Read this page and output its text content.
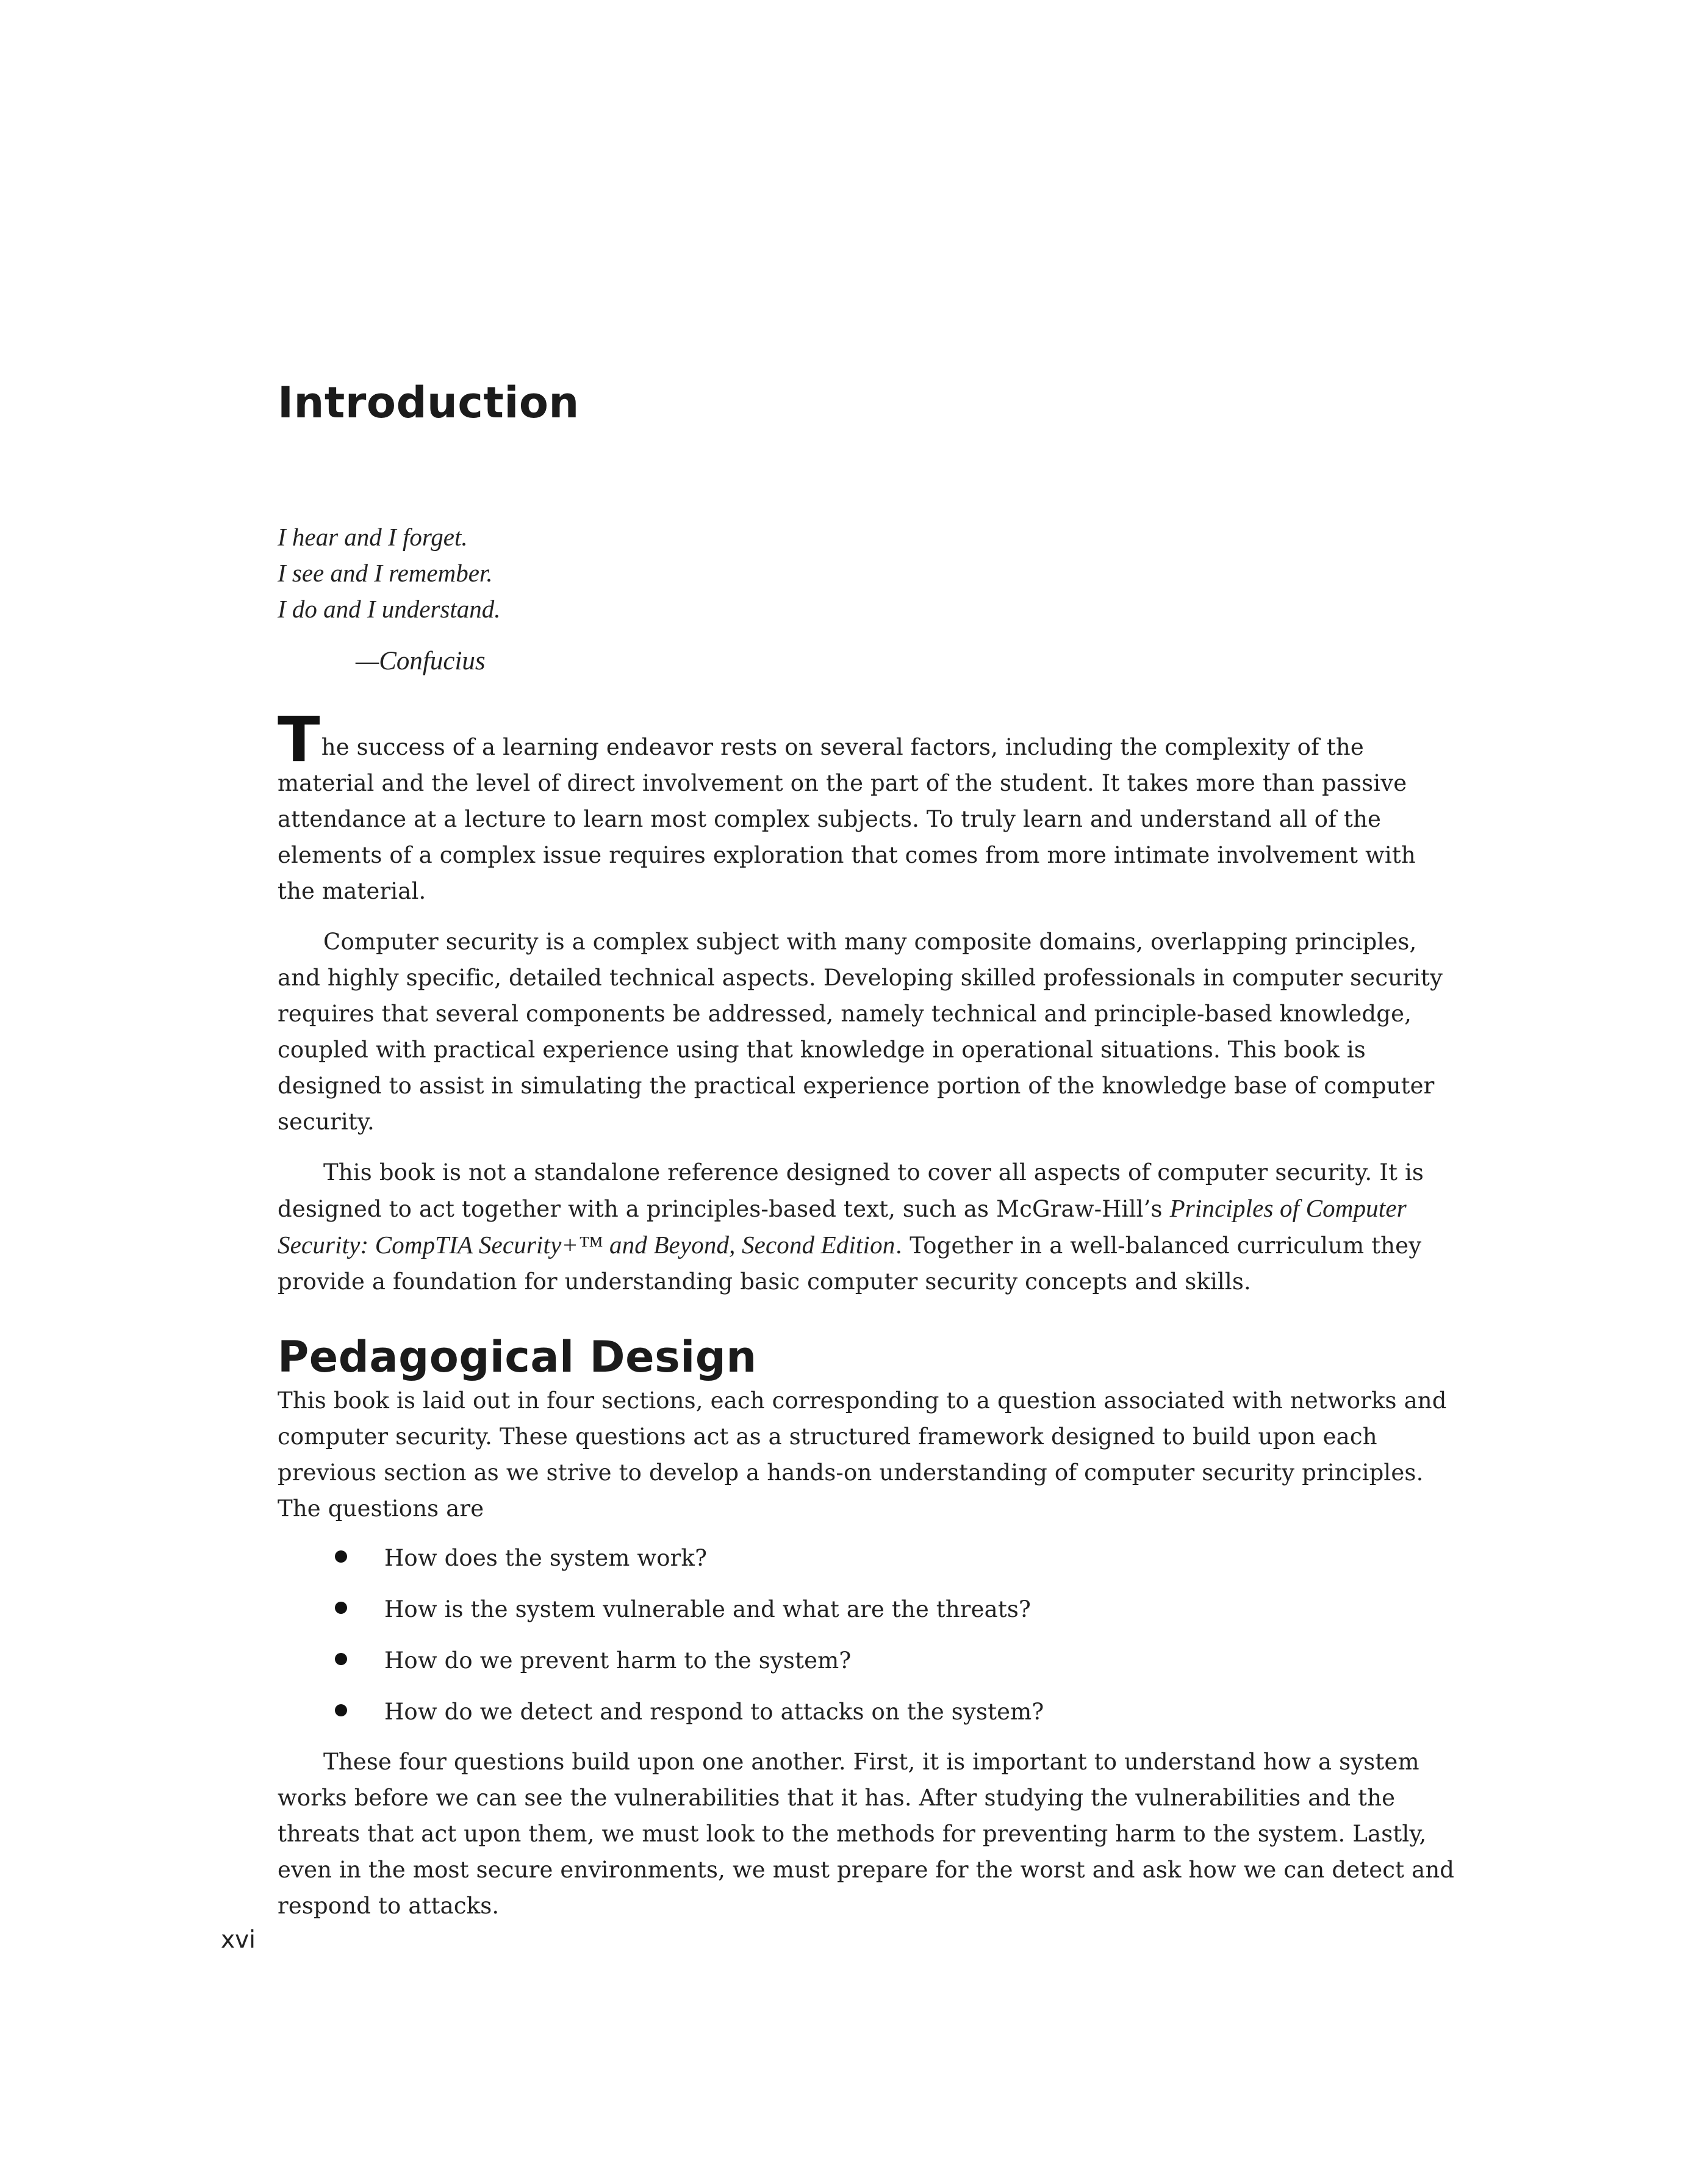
Introduction
I hear and I forget.
I see and I remember.
I do and I understand.
—Confucius

The success of a learning endeavor rests on several factors, including the complexity of the material and the level of direct involvement on the part of the student. It takes more than passive attendance at a lecture to learn most complex subjects. To truly learn and understand all of the elements of a complex issue requires exploration that comes from more intimate involvement with the material.

Computer security is a complex subject with many composite domains, overlapping principles, and highly specific, detailed technical aspects. Developing skilled professionals in computer security requires that several components be addressed, namely technical and principle-based knowledge, coupled with practical experience using that knowledge in operational situations. This book is designed to assist in simulating the practical experience portion of the knowledge base of computer security.

This book is not a standalone reference designed to cover all aspects of computer security. It is designed to act together with a principles-based text, such as McGraw-Hill’s Principles of Computer Security: CompTIA Security+™ and Beyond, Second Edition. Together in a well-balanced curriculum they provide a foundation for understanding basic computer security concepts and skills.

Pedagogical Design

This book is laid out in four sections, each corresponding to a question associated with networks and computer security. These questions act as a structured framework designed to build upon each previous section as we strive to develop a hands-on understanding of computer security principles. The questions are

How does the system work?
How is the system vulnerable and what are the threats?
How do we prevent harm to the system?
How do we detect and respond to attacks on the system?

These four questions build upon one another. First, it is important to understand how a system works before we can see the vulnerabilities that it has. After studying the vulnerabilities and the threats that act upon them, we must look to the methods for preventing harm to the system. Lastly, even in the most secure environments, we must prepare for the worst and ask how we can detect and respond to attacks.

xvi
